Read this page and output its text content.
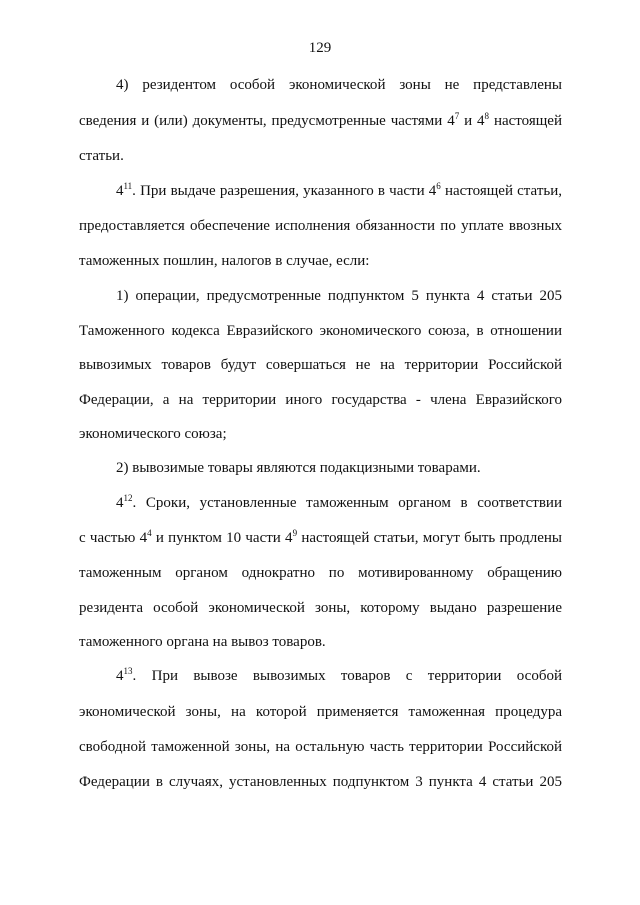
129
4) резидентом особой экономической зоны не представлены
сведения и (или) документы, предусмотренные частями $4^7$ и $4^8$ настоящей
статьи.
$4^{11}$. При выдаче разрешения, указанного в части $4^6$ настоящей статьи,
предоставляется обеспечение исполнения обязанности по уплате ввозных
таможенных пошлин, налогов в случае, если:
1) операции, предусмотренные подпунктом 5 пункта 4 статьи 205
Таможенного кодекса Евразийского экономического союза, в отношении
вывозимых товаров будут совершаться не на территории Российской
Федерации, а на территории иного государства - члена Евразийского
экономического союза;
2) вывозимые товары являются подакцизными товарами.
$4^{12}$. Сроки, установленные таможенным органом в соответствии
с частью $4^4$ и пунктом 10 части $4^9$ настоящей статьи, могут быть продлены
таможенным органом однократно по мотивированному обращению
резидента особой экономической зоны, которому выдано разрешение
таможенного органа на вывоз товаров.
$4^{13}$. При вывозе вывозимых товаров с территории особой
экономической зоны, на которой применяется таможенная процедура
свободной таможенной зоны, на остальную часть территории Российской
Федерации в случаях, установленных подпунктом 3 пункта 4 статьи 205
